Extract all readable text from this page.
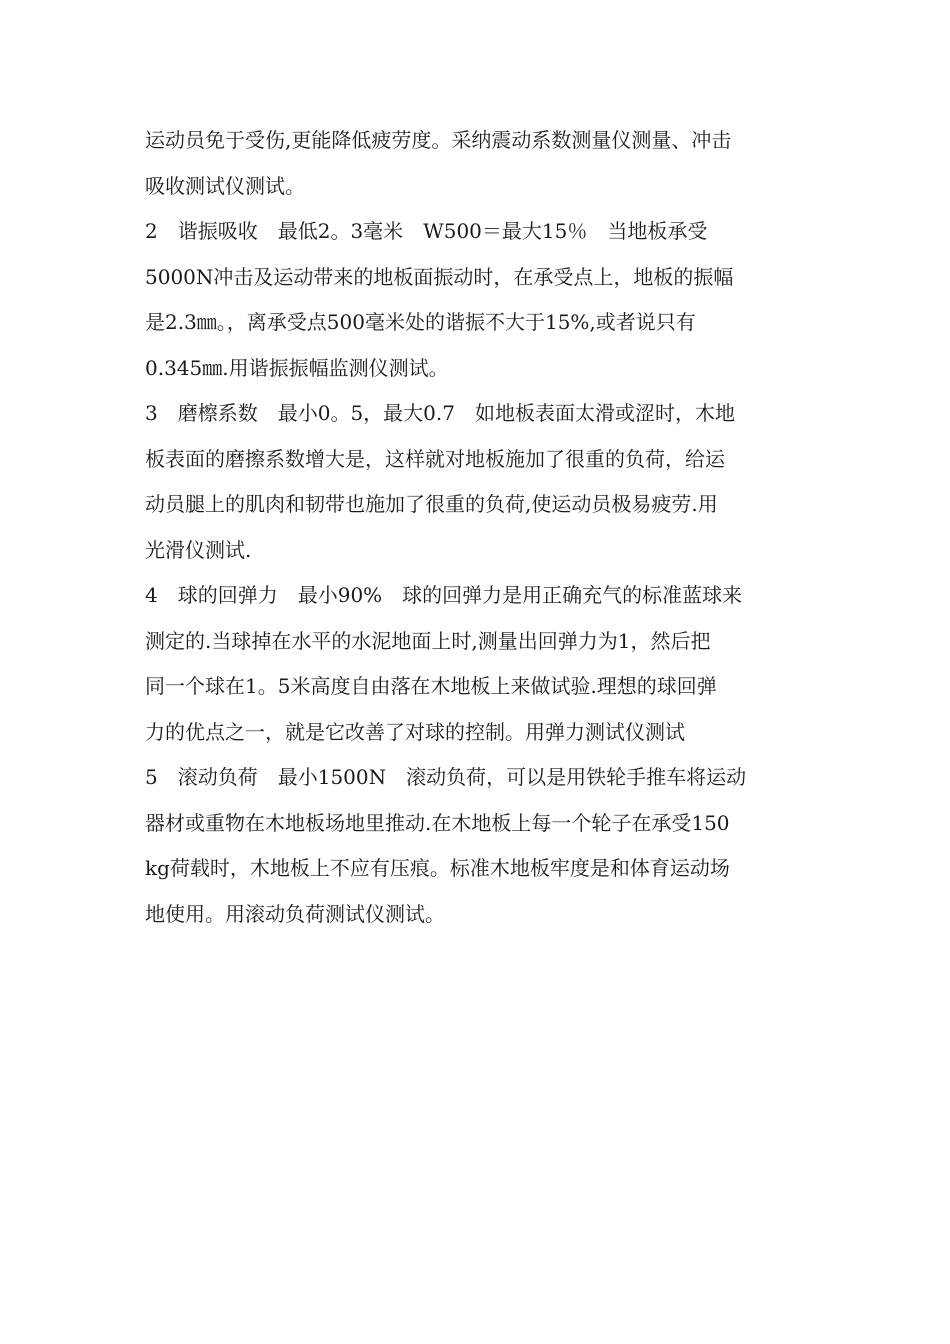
运动员免于受伤,更能降低疲劳度。采纳震动系数测量仪测量、冲击
吸收测试仪测试。
2　谐振吸收　最低2。3毫米　W500＝最大15％　当地板承受
5000N冲击及运动带来的地板面振动时，在承受点上，地板的振幅
是2.3㎜。，离承受点500毫米处的谐振不大于15%,或者说只有
0.345㎜.用谐振振幅监测仪测试。
3　磨檫系数　最小0。5，最大0.7　如地板表面太滑或涩时，木地
板表面的磨擦系数增大是，这样就对地板施加了很重的负荷，给运
动员腿上的肌肉和韧带也施加了很重的负荷,使运动员极易疲劳.用
光滑仪测试.
4　球的回弹力　最小90%　球的回弹力是用正确充气的标准蓝球来
测定的.当球掉在水平的水泥地面上时,测量出回弹力为1，然后把
同一个球在1。5米高度自由落在木地板上来做试验.理想的球回弹
力的优点之一，就是它改善了对球的控制。用弹力测试仪测试
5　滚动负荷　最小1500N　滚动负荷，可以是用铁轮手推车将运动
器材或重物在木地板场地里推动.在木地板上每一个轮子在承受150
kg荷载时，木地板上不应有压痕。标准木地板牢度是和体育运动场
地使用。用滚动负荷测试仪测试。
